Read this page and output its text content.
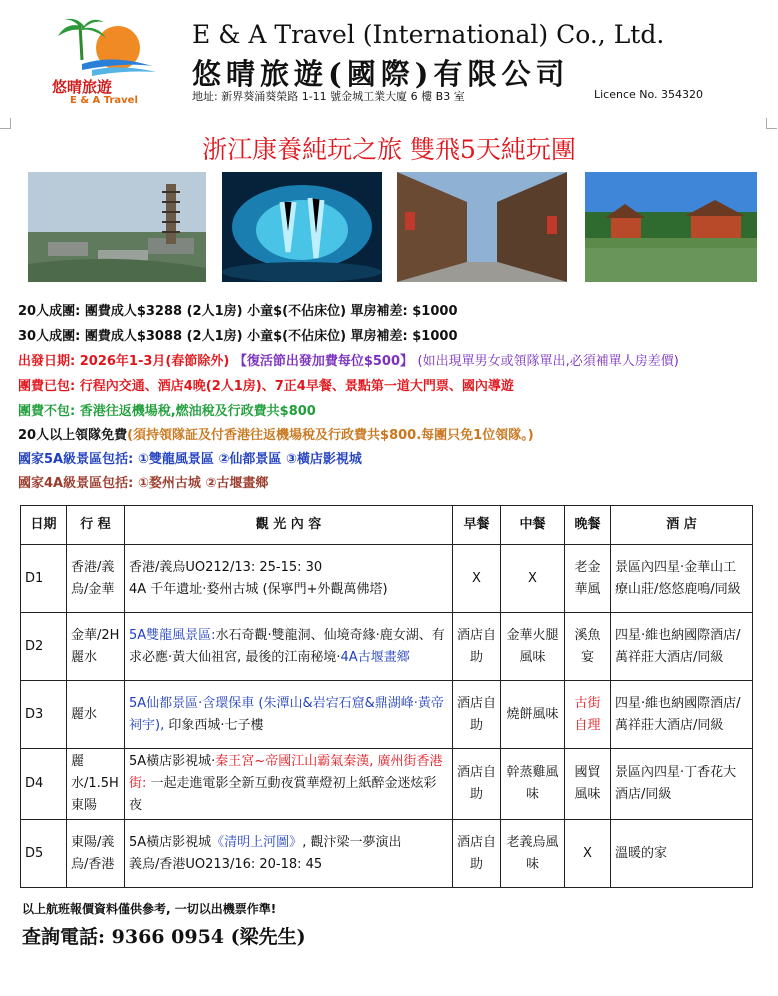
悠晴旅遊
E & A Travel
E & A Travel (International) Co., Ltd.
悠晴旅遊(國際)有限公司
地址: 新界葵涌葵榮路 1-11 號金城工業大廈 6 樓 B3 室	Licence No. 354320
浙江康養純玩之旅 雙飛5天純玩團
20人成團: 團費成人$3288 (2人1房) 小童$(不佔床位) 單房補差: $1000
30人成團: 團費成人$3088 (2人1房) 小童$(不佔床位) 單房補差: $1000
出發日期: 2026年1-3月(春節除外) 【復活節出發加費每位$500】 (如出現單男女或領隊單出,必須補單人房差價)
團費已包: 行程內交通、酒店4晚(2人1房)、7正4早餐、景點第一道大門票、國內導遊
團費不包: 香港往返機場稅,燃油稅及行政費共$800
20人以上領隊免費(須持領隊証及付香港往返機場稅及行政費共$800.每團只免1位領隊。)
國家5A級景區包括: ①雙龍風景區 ②仙都景區 ③橫店影視城
國家4A級景區包括: ①婺州古城 ②古堰畫鄉
日期	行 程	觀 光 內 容	早餐	中餐	晚餐	酒 店
D1	香港/義烏/金華	香港/義烏UO212/13: 25-15: 30
4A 千年遺址·婺州古城 (保寧門+外觀萬佛塔)	X	X	老金華風	景區內四星·金華山工療山莊/悠悠鹿鳴/同級
D2	金華/2H麗水	5A雙龍風景區:水石奇觀·雙龍洞、仙境奇緣·鹿女湖、有求必應·黃大仙祖宮, 最後的江南秘境·4A古堰畫鄉	酒店自助	金華火腿風味	溪魚宴	四星·維也納國際酒店/萬祥莊大酒店/同級
D3	麗水	5A仙都景區·含環保車 (朱潭山&岩宕石窟&鼎湖峰·黃帝祠宇), 印象西城·七子樓	酒店自助	燒餅風味	古街自理	四星·維也納國際酒店/萬祥莊大酒店/同級
D4	麗水/1.5H東陽	5A橫店影視城·秦王宮~帝國江山霸氣秦漢, 廣州街香港街: 一起走進電影全新互動夜賞華燈初上紙醉金迷炫彩夜	酒店自助	幹蒸雞風味	國貿風味	景區內四星·丁香花大酒店/同級
D5	東陽/義烏/香港	5A橫店影視城《清明上河圖》, 觀汴梁一夢演出
義烏/香港UO213/16: 20-18: 45	酒店自助	老義烏風味	X	溫暖的家
以上航班報價資料僅供參考, 一切以出機票作準!
查詢電話: 9366 0954 (梁先生)
